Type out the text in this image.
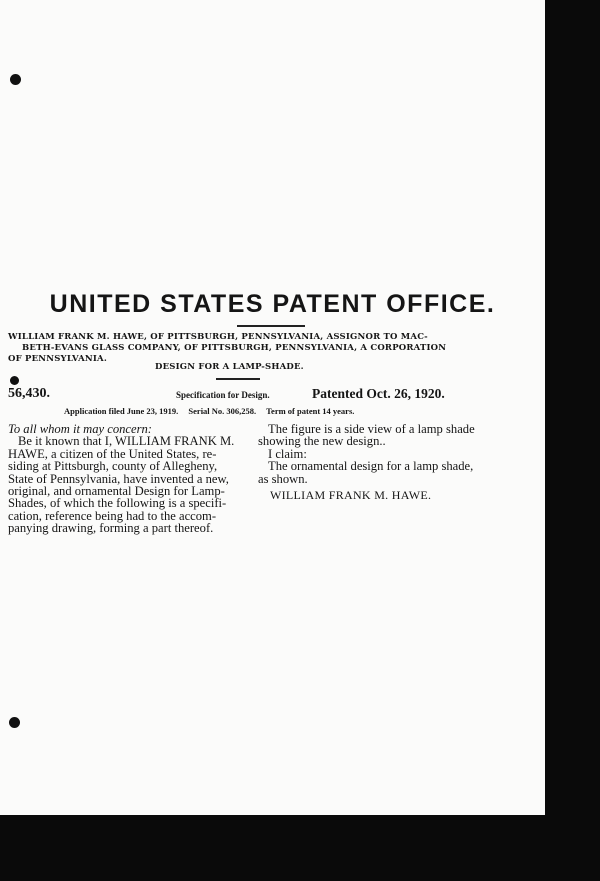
UNITED STATES PATENT OFFICE.
WILLIAM FRANK M. HAWE, OF PITTSBURGH, PENNSYLVANIA, ASSIGNOR TO MAC-
BETH-EVANS GLASS COMPANY, OF PITTSBURGH, PENNSYLVANIA, A CORPORATION
OF PENNSYLVANIA.
DESIGN FOR A LAMP-SHADE.
56,430.	Specification for Design.	Patented Oct. 26, 1920.
Application filed June 23, 1919. Serial No. 306,258. Term of patent 14 years.
To all whom it may concern:
Be it known that I, WILLIAM FRANK M.
HAWE, a citizen of the United States, re-
siding at Pittsburgh, county of Allegheny,
State of Pennsylvania, have invented a new,
original, and ornamental Design for Lamp-
Shades, of which the following is a specifi-
cation, reference being had to the accom-
panying drawing, forming a part thereof.
The figure is a side view of a lamp shade
showing the new design..
I claim:
The ornamental design for a lamp shade,
as shown.
WILLIAM FRANK M. HAWE.
